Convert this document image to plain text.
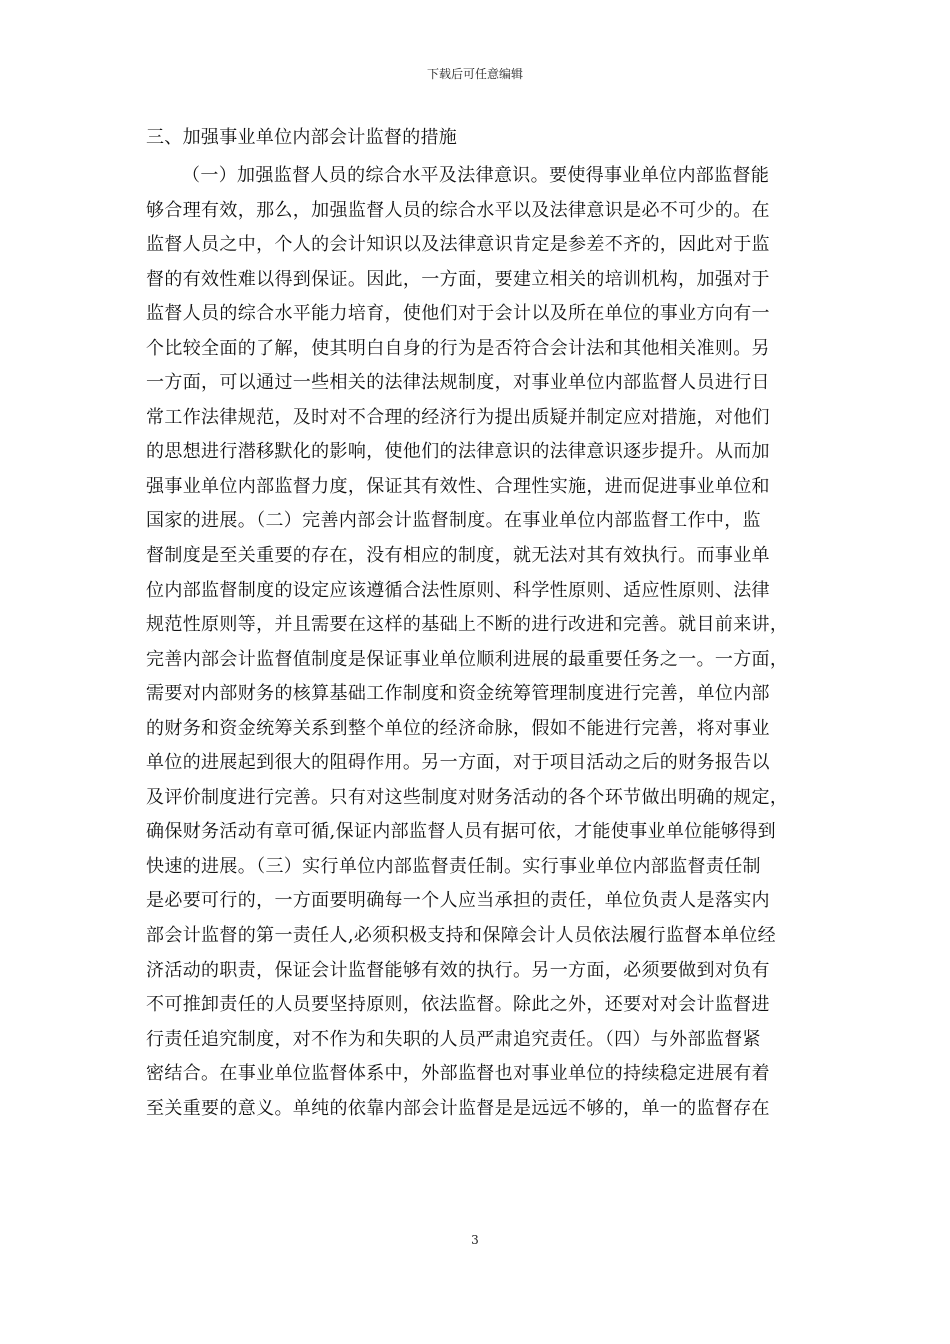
下载后可任意编辑
三、加强事业单位内部会计监督的措施
（一）加强监督人员的综合水平及法律意识。要使得事业单位内部监督能
够合理有效，那么，加强监督人员的综合水平以及法律意识是必不可少的。在
监督人员之中，个人的会计知识以及法律意识肯定是参差不齐的，因此对于监
督的有效性难以得到保证。因此，一方面，要建立相关的培训机构，加强对于
监督人员的综合水平能力培育，使他们对于会计以及所在单位的事业方向有一
个比较全面的了解，使其明白自身的行为是否符合会计法和其他相关准则。另
一方面，可以通过一些相关的法律法规制度，对事业单位内部监督人员进行日
常工作法律规范，及时对不合理的经济行为提出质疑并制定应对措施，对他们
的思想进行潜移默化的影响，使他们的法律意识的法律意识逐步提升。从而加
强事业单位内部监督力度，保证其有效性、合理性实施，进而促进事业单位和
国家的进展。（二）完善内部会计监督制度。在事业单位内部监督工作中，监
督制度是至关重要的存在，没有相应的制度，就无法对其有效执行。而事业单
位内部监督制度的设定应该遵循合法性原则、科学性原则、适应性原则、法律
规范性原则等，并且需要在这样的基础上不断的进行改进和完善。就目前来讲，
完善内部会计监督值制度是保证事业单位顺利进展的最重要任务之一。一方面，
需要对内部财务的核算基础工作制度和资金统筹管理制度进行完善，单位内部
的财务和资金统筹关系到整个单位的经济命脉，假如不能进行完善，将对事业
单位的进展起到很大的阻碍作用。另一方面，对于项目活动之后的财务报告以
及评价制度进行完善。只有对这些制度对财务活动的各个环节做出明确的规定，
确保财务活动有章可循,保证内部监督人员有据可依，才能使事业单位能够得到
快速的进展。（三）实行单位内部监督责任制。实行事业单位内部监督责任制
是必要可行的，一方面要明确每一个人应当承担的责任，单位负责人是落实内
部会计监督的第一责任人,必须积极支持和保障会计人员依法履行监督本单位经
济活动的职责，保证会计监督能够有效的执行。另一方面，必须要做到对负有
不可推卸责任的人员要坚持原则，依法监督。除此之外，还要对对会计监督进
行责任追究制度，对不作为和失职的人员严肃追究责任。（四）与外部监督紧
密结合。在事业单位监督体系中，外部监督也对事业单位的持续稳定进展有着
至关重要的意义。单纯的依靠内部会计监督是是远远不够的，单一的监督存在
3
